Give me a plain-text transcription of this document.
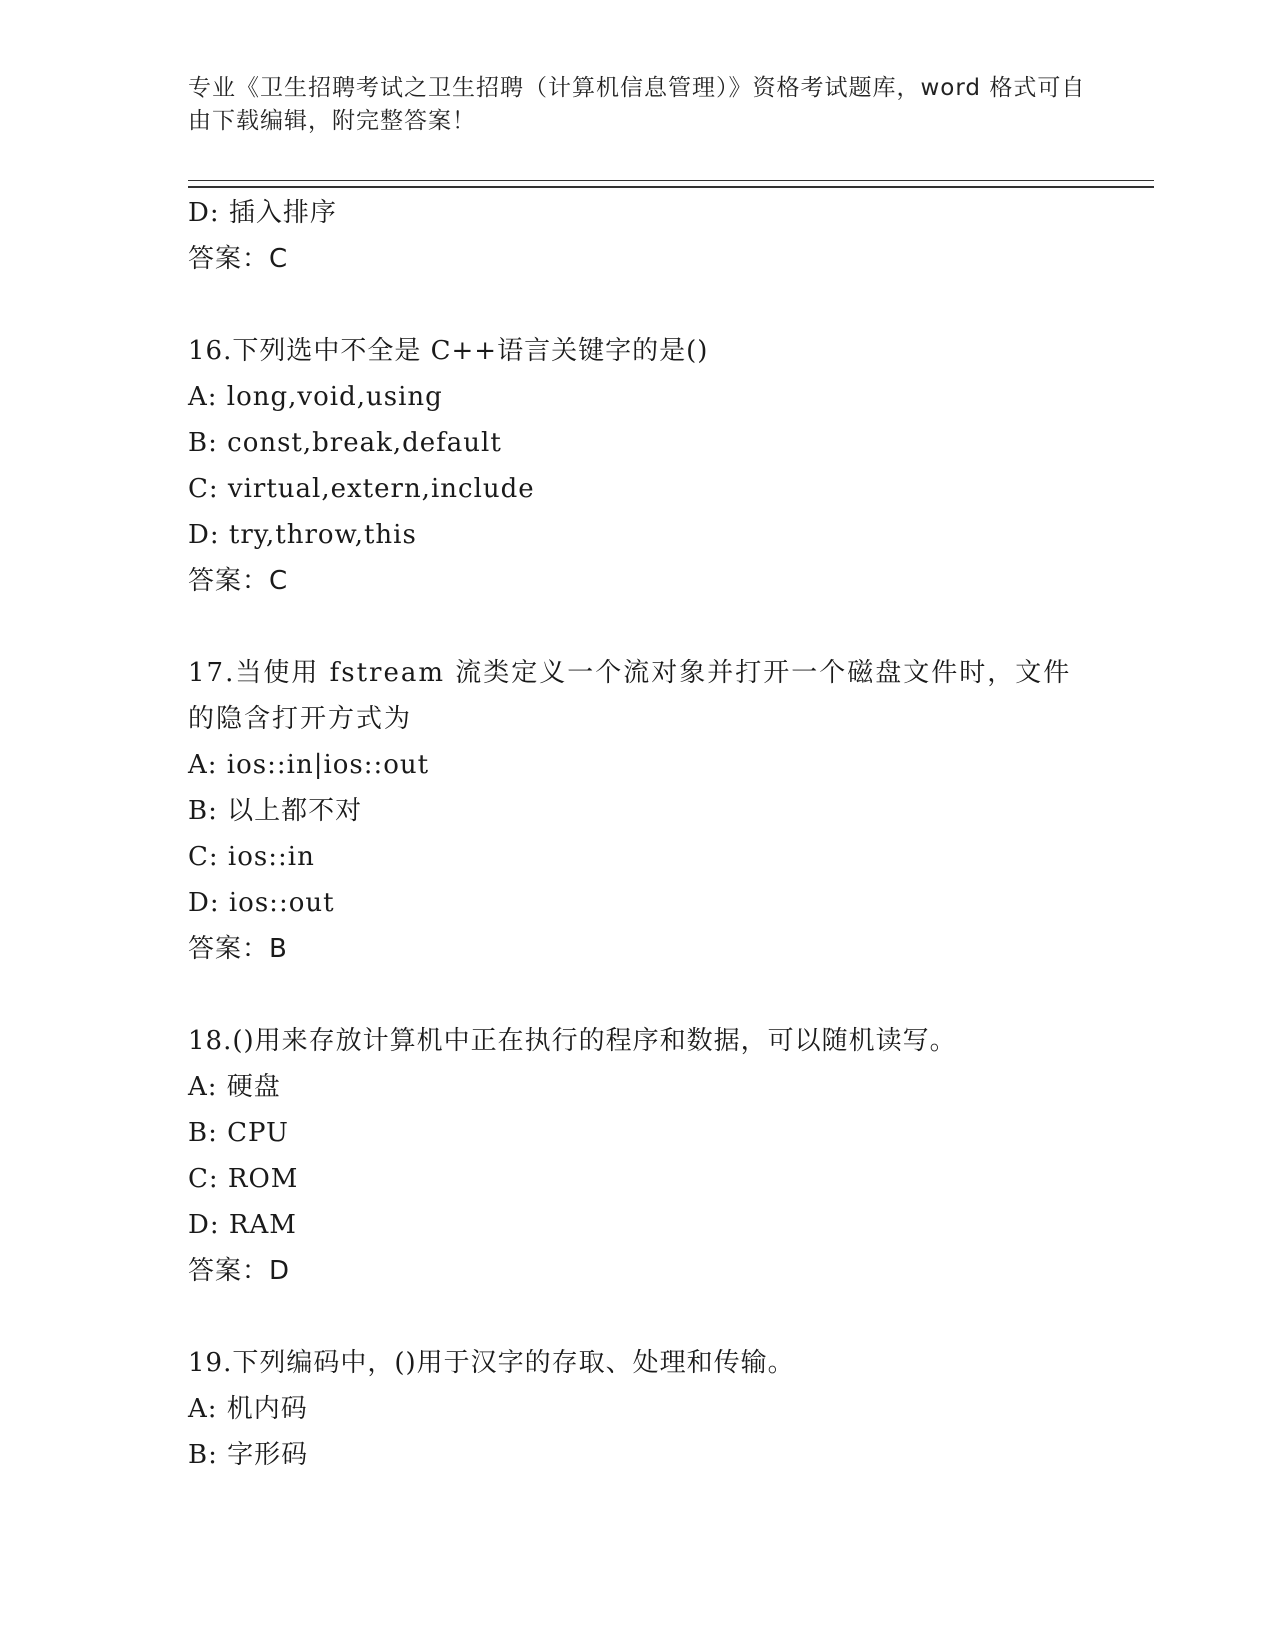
专业《卫生招聘考试之卫生招聘（计算机信息管理）》资格考试题库，word 格式可自由下载编辑，附完整答案！
D: 插入排序
答案：C
16.下列选中不全是 C++语言关键字的是()
A: long,void,using
B: const,break,default
C: virtual,extern,include
D: try,throw,this
答案：C
17.当使用 fstream 流类定义一个流对象并打开一个磁盘文件时，文件
的隐含打开方式为
A: ios::in|ios::out
B: 以上都不对
C: ios::in
D: ios::out
答案：B
18.()用来存放计算机中正在执行的程序和数据，可以随机读写。
A: 硬盘
B: CPU
C: ROM
D: RAM
答案：D
19.下列编码中，()用于汉字的存取、处理和传输。
A: 机内码
B: 字形码
